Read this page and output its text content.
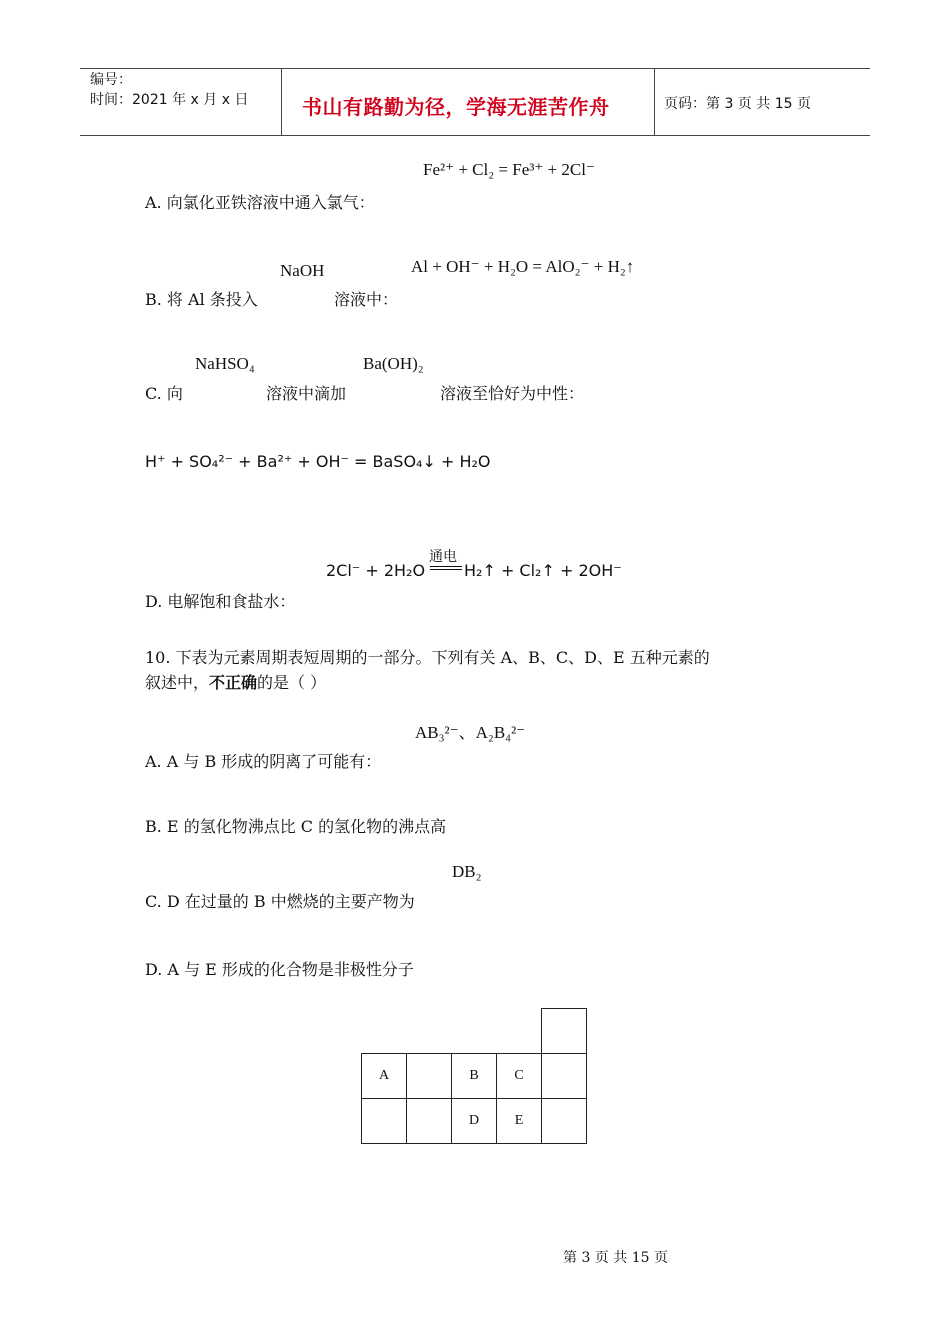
编号：
时间：2021 年 x 月 x 日	书山有路勤为径，学海无涯苦作舟	页码：第 3 页 共 15 页
Fe²⁺ + Cl₂ = Fe³⁺ + 2Cl⁻
A. 向氯化亚铁溶液中通入氯气：
NaOH	Al + OH⁻ + H₂O = AlO₂⁻ + H₂↑
B. 将 Al 条投入	溶液中：
NaHSO₄	Ba(OH)₂
C. 向	溶液中滴加	溶液至恰好为中性：
H⁺ + SO₄²⁻ + Ba²⁺ + OH⁻ = BaSO₄↓ + H₂O
2Cl⁻ + 2H₂O
通电
H₂↑ + Cl₂↑ + 2OH⁻
D. 电解饱和食盐水：
10. 下表为元素周期表短周期的一部分。下列有关 A、B、C、D、E 五种元素的
叙述中，不正确的是（ ）
AB₃²⁻、A₂B₄²⁻
A. A 与 B 形成的阴离了可能有：
B. E 的氢化物沸点比 C 的氢化物的沸点高
DB₂
C. D 在过量的 B 中燃烧的主要产物为
D. A 与 E 形成的化合物是非极性分子

A		B	C	
		D	E	
第 3 页 共 15 页
